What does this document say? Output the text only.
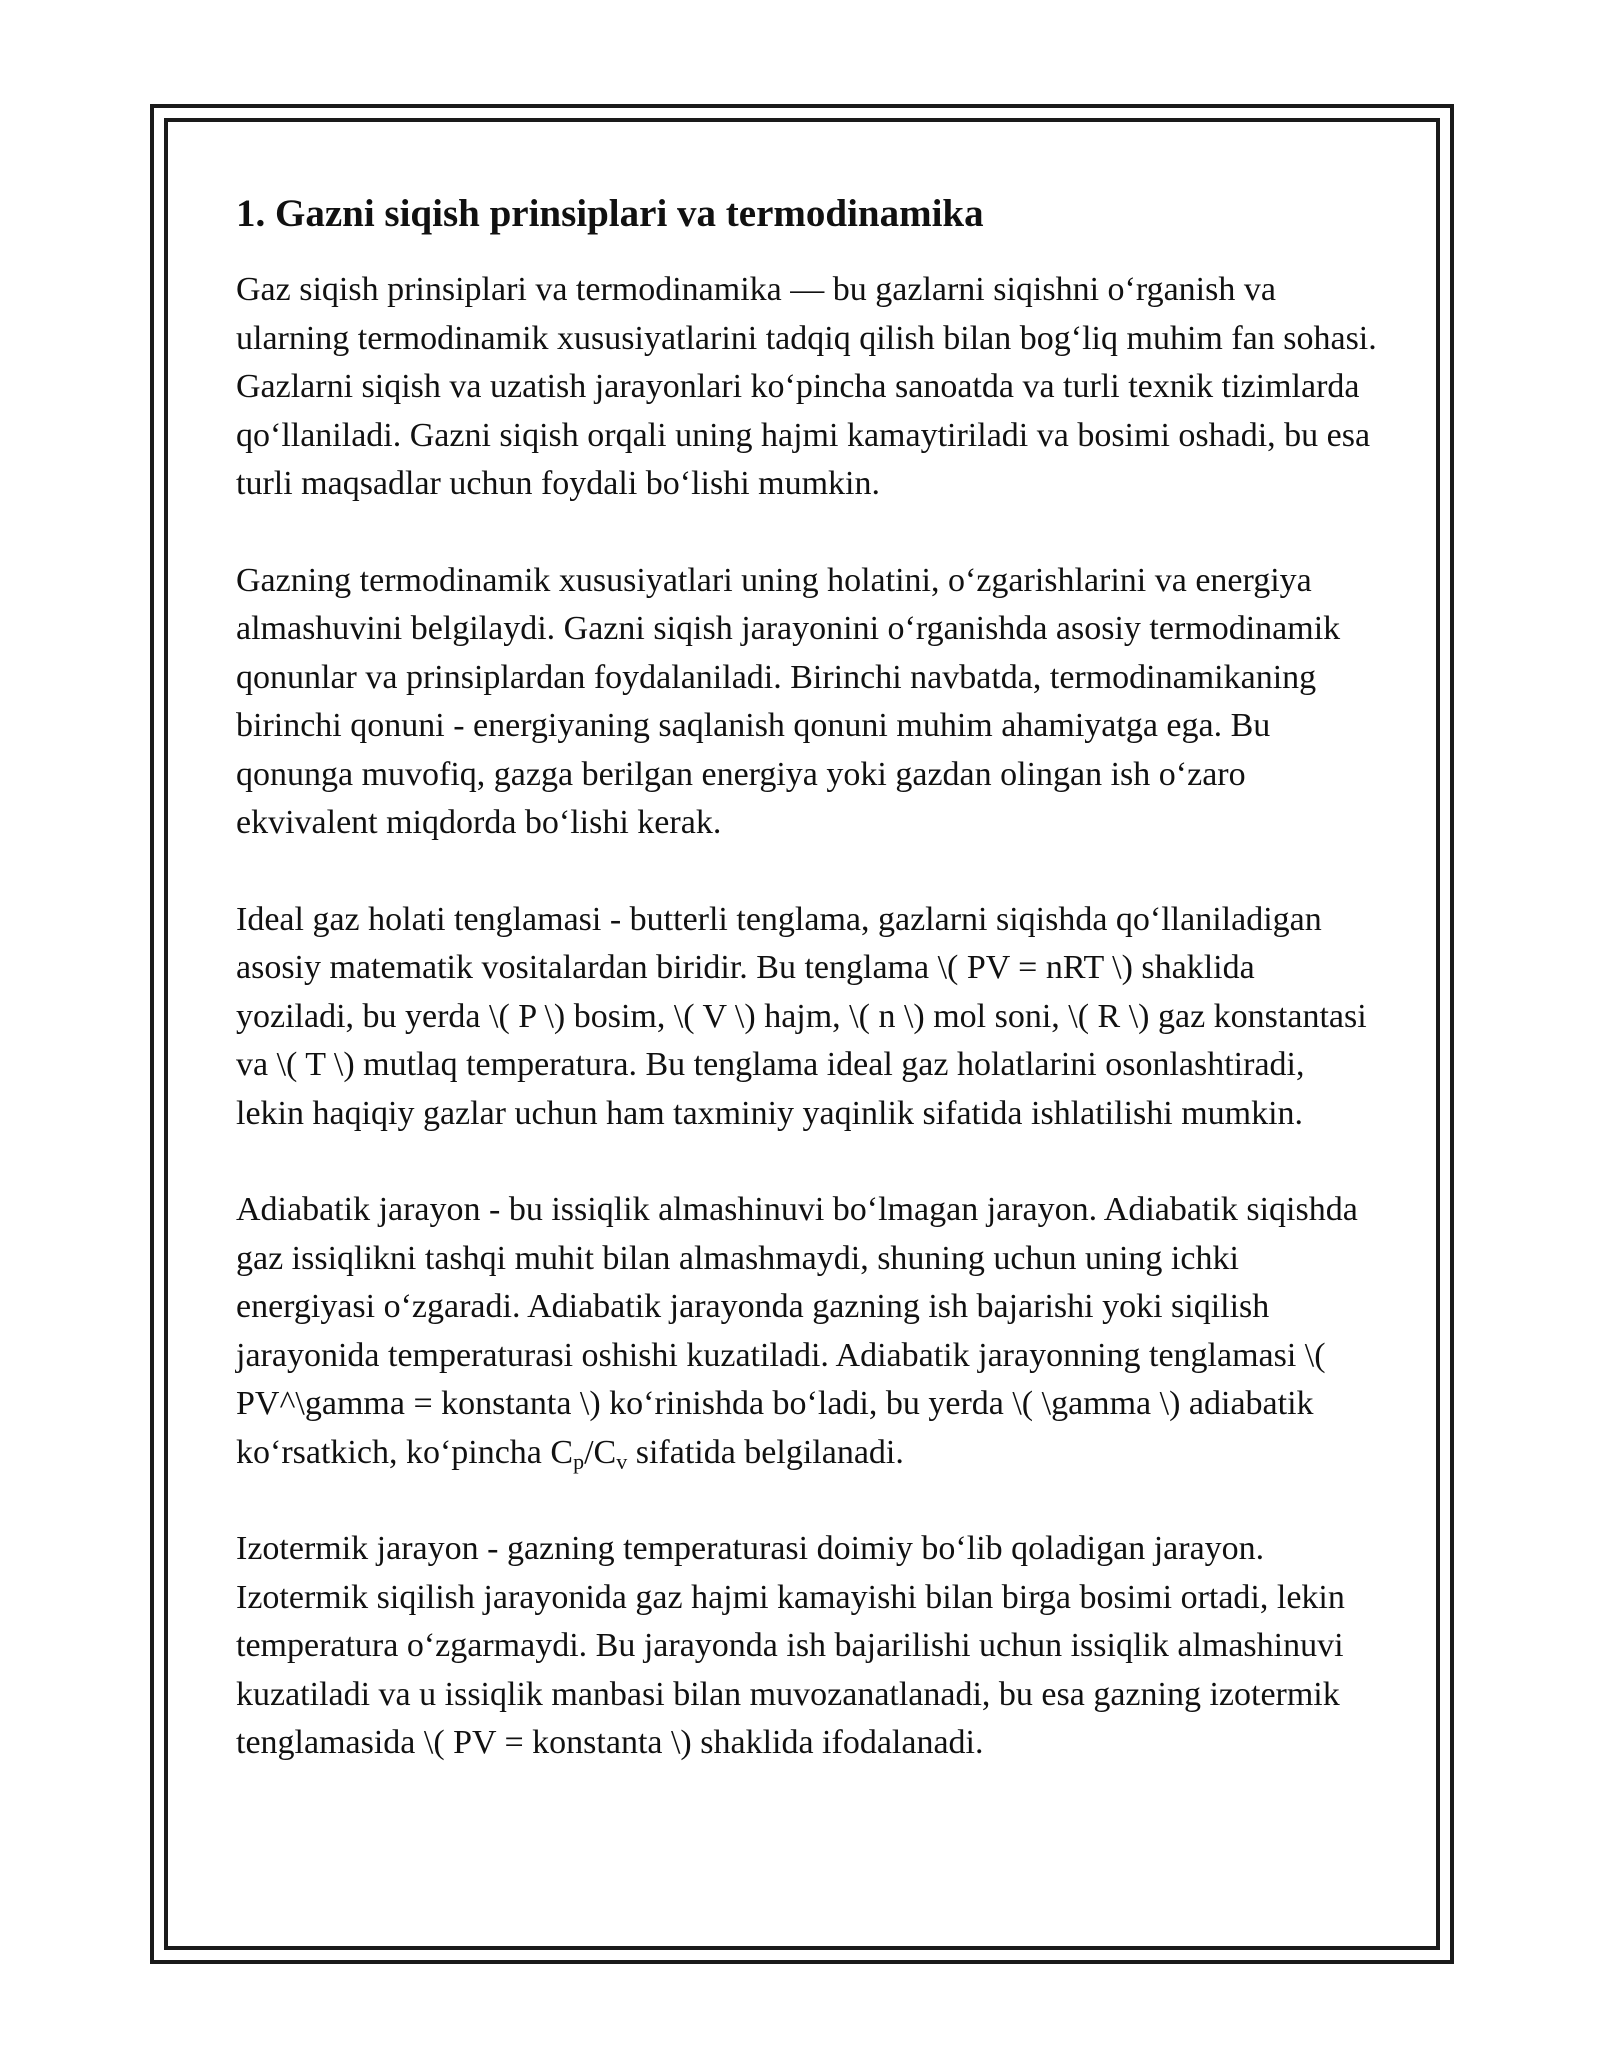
1. Gazni siqish prinsiplari va termodinamika

Gaz siqish prinsiplari va termodinamika — bu gazlarni siqishni oʻrganish va ularning termodinamik xususiyatlarini tadqiq qilish bilan bogʻliq muhim fan sohasi. Gazlarni siqish va uzatish jarayonlari koʻpincha sanoatda va turli texnik tizimlarda qoʻllaniladi. Gazni siqish orqali uning hajmi kamaytiriladi va bosimi oshadi, bu esa turli maqsadlar uchun foydali boʻlishi mumkin.

Gazning termodinamik xususiyatlari uning holatini, oʻzgarishlarini va energiya almashuvini belgilaydi. Gazni siqish jarayonini oʻrganishda asosiy termodinamik qonunlar va prinsiplardan foydalaniladi. Birinchi navbatda, termodinamikaning birinchi qonuni - energiyaning saqlanish qonuni muhim ahamiyatga ega. Bu qonunga muvofiq, gazga berilgan energiya yoki gazdan olingan ish oʻzaro ekvivalent miqdorda boʻlishi kerak.

Ideal gaz holati tenglamasi - butterli tenglama, gazlarni siqishda qoʻllaniladigan asosiy matematik vositalardan biridir. Bu tenglama \( PV = nRT \) shaklida yoziladi, bu yerda \( P \) bosim, \( V \) hajm, \( n \) mol soni, \( R \) gaz konstantasi va \( T \) mutlaq temperatura. Bu tenglama ideal gaz holatlarini osonlashtiradi, lekin haqiqiy gazlar uchun ham taxminiy yaqinlik sifatida ishlatilishi mumkin.

Adiabatik jarayon - bu issiqlik almashinuvi boʻlmagan jarayon. Adiabatik siqishda gaz issiqlikni tashqi muhit bilan almashmaydi, shuning uchun uning ichki energiyasi oʻzgaradi. Adiabatik jarayonda gazning ish bajarishi yoki siqilish jarayonida temperaturasi oshishi kuzatiladi. Adiabatik jarayonning tenglamasi \( PV^\gamma = konstanta \) koʻrinishda boʻladi, bu yerda \( \gamma \) adiabatik koʻrsatkich, koʻpincha $C_p/C_v$ sifatida belgilanadi.

Izotermik jarayon - gazning temperaturasi doimiy boʻlib qoladigan jarayon. Izotermik siqilish jarayonida gaz hajmi kamayishi bilan birga bosimi ortadi, lekin temperatura oʻzgarmaydi. Bu jarayonda ish bajarilishi uchun issiqlik almashinuvi kuzatiladi va u issiqlik manbasi bilan muvozanatlanadi, bu esa gazning izotermik tenglamasida \( PV = konstanta \) shaklida ifodalanadi.
